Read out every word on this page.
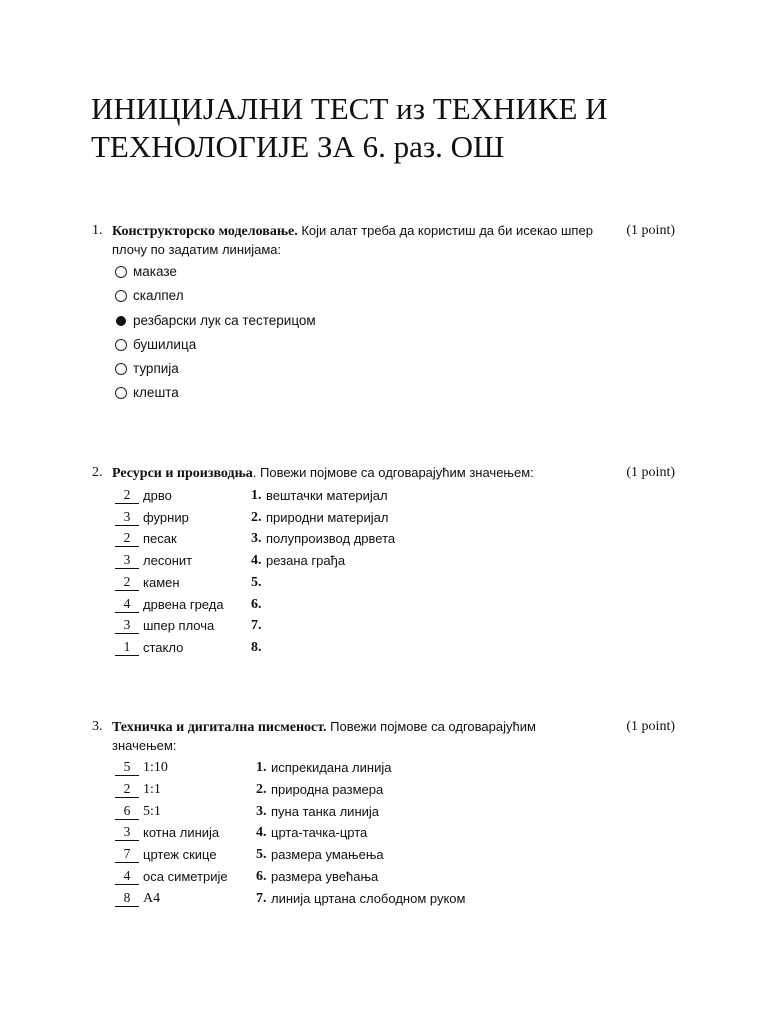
ИНИЦИЈАЛНИ ТЕСТ из ТЕХНИКЕ И ТЕХНОЛОГИЈЕ ЗА 6. раз. ОШ
1. Конструкторско моделовање. Који алат треба да користиш да би исекао шпер плочу по задатим линијама:
(1 point)
маказе
скалпел
резбарски лук са тестерицом
бушилица
турпија
клешта
2. Ресурси и производња. Повежи појмове са одговарајућим значењем:	(1 point)
2 дрво	1. вештачки материјал
3 фурнир	2. природни материјал
2 песак	3. полупроизвод дрвета
3 лесонит	4. резана грађа
2 камен	5.
4 дрвена греда 6.
3 шпер плоча	7.
1 стакло	8.
3. Техничка и дигитална писменост. Повежи појмове са одговарајућим значењем:
(1 point)
5 1:10	1. испрекидана линија
2 1:1	2. природна размера
6 5:1	3. пуна танка линија
3 котна линија	4. црта-тачка-црта
7 цртеж скице	5. размера умањења
4 оса симетрије 6. размера увећања
8 А4	7. линија цртана слободном руком
